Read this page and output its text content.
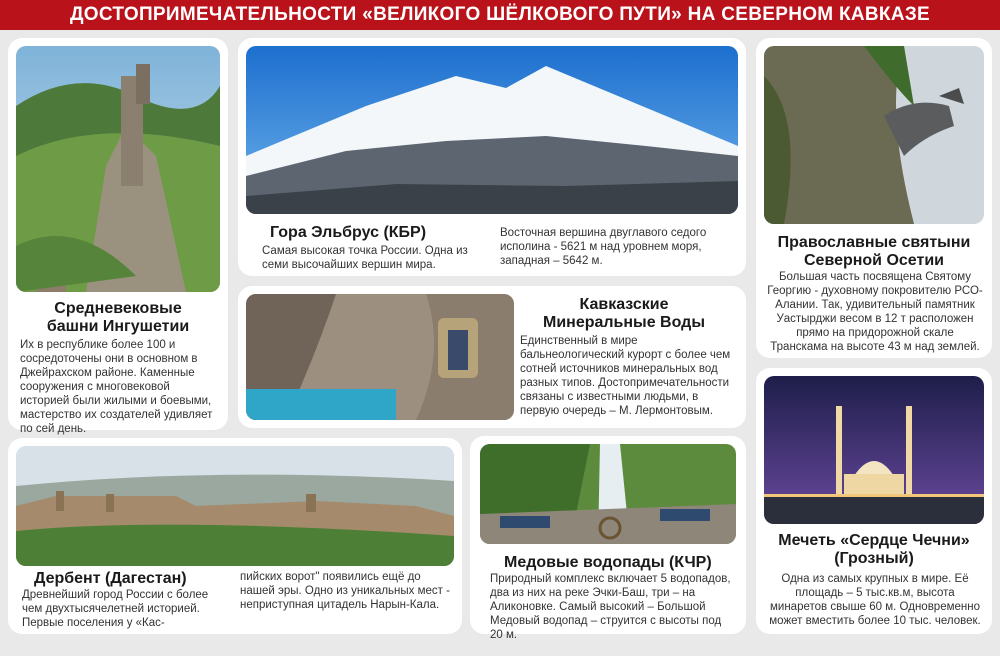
ДОСТОПРИМЕЧАТЕЛЬНОСТИ «ВЕЛИКОГО ШЁЛКОВОГО ПУТИ» НА СЕВЕРНОМ КАВКАЗЕ
Средневековые башни Ингушетии
Их в республике более 100 и сосредоточены они в основном в Джейрахском районе. Каменные сооружения с многовековой историей были жилыми и боевыми, мастерство их создателей удивляет по сей день.
Гора Эльбрус (КБР)
Самая высокая точка России. Одна из семи высочайших вершин мира.
Восточная вершина двуглавого седого исполина - 5621 м над уровнем моря, западная – 5642 м.
Православные святыни Северной Осетии
Большая часть посвящена Святому Георгию - духовному покровителю РСО-Алании. Так, удивительный памятник Уастырджи весом в 12 т расположен прямо на придорожной скале Транскама на высоте 43 м над землей.
Кавказские Минеральные Воды
Единственный в мире бальнеологический курорт с более чем сотней источников минеральных вод разных типов. Достопримечательности связаны с известными людьми, в первую очередь – М. Лермонтовым.
Дербент (Дагестан)
Древнейший город России с более чем двухтысячелетней историей. Первые поселения у «Кас-
пийских ворот" появились ещё до нашей эры. Одно из уникальных мест - неприступная цитадель Нарын-Кала.
Медовые водопады (КЧР)
Природный комплекс включает 5 водопадов, два из них на реке Эчки-Баш, три – на Аликоновке. Самый высокий – Большой Медовый водопад – струится с высоты под 20 м.
Мечеть «Сердце Чечни» (Грозный)
Одна из самых крупных в мире. Её площадь – 5 тыс.кв.м, высота минаретов свыше 60 м. Одновременно может вместить более 10 тыс. человек.
